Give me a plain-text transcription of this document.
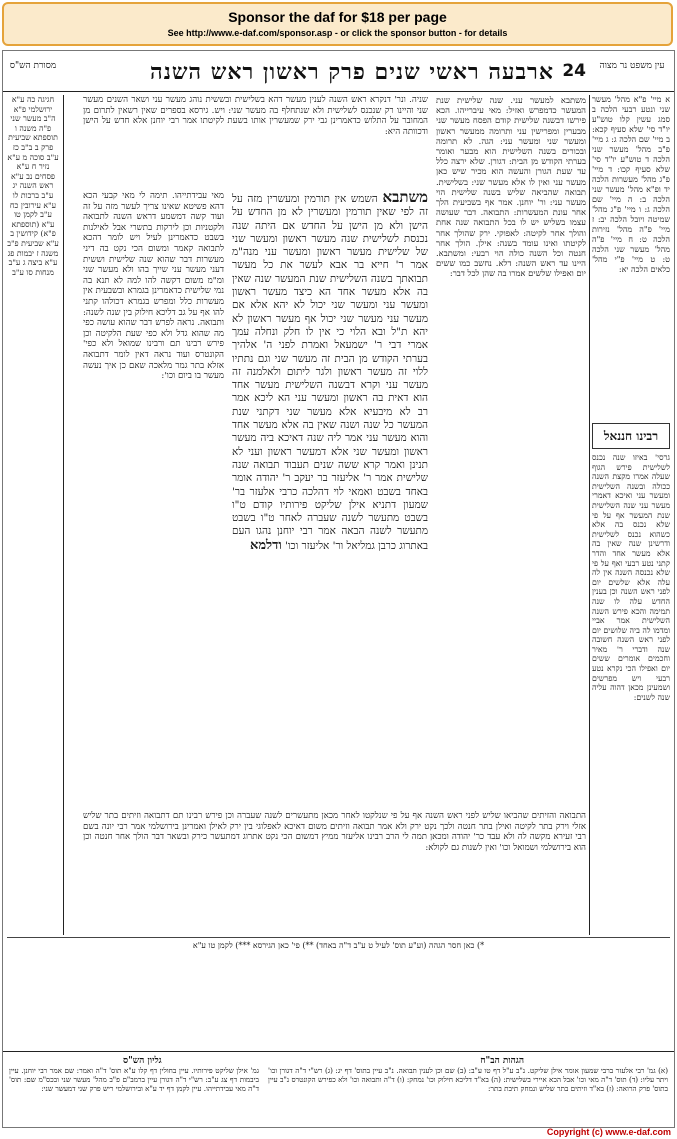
Sponsor the daf for $18 per page
See http://www.e-daf.com/sponsor.asp - or click the sponsor button - for details
עין משפט נר מצוה
24
ארבעה ראשי שנים פרק ראשון ראש השנה
מסורת הש"ס
א מיי' פ"א מהל' מעשר שני ונטע רבעי הלכה ב סמג עשין קלו טוש"ע יו"ד סי' שלא סעיף קכא: ב מיי' שם הלכה ג: ג מיי' פ"ב מהל' מעשר שני הלכה ד טוש"ע יו"ד סי' שלא סעיף קכו: ד מיי' פ"ג מהל' מעשרות הלכה יד ופ"א מהל' מעשר שני הלכה ב: ה מיי' שם הלכה ג: ו מיי' פ"ג מהל' שמיטה ויובל הלכה יב: ז מיי' פ"ה מהל' נזירות הלכה ט: ח מיי' פ"ה מהל' מעשר שני הלכה ט: ט מיי' פ"י מהל' כלאים הלכה יא:
רבינו חננאל
גרסי' באיזו שנה נכנס לשלישית פירש הגוף שעלה אמרו מקצת השנה ככולה ובשנה השלישית ומעשר עני ואיכא דאמרי מעשר עני שנה השלישית שנת המעשר אף על פי שלא נכנס בה אלא כשהוא נכנס לשלישית ודרשינן שנה שאין בה אלא מעשר אחד והדר קתני נטע רבעי ואף על פי שלא נכנסה השנה אין לה עלה אלא שלשים יום לפני ראש השנה וכן בענין החדש עלה לו שנה תמימה והכא פירש השנה השלישית אמר אביי ומדמו לה ביה שלושים יום לפני ראש השנה חשובה שנה ודברי ר' מאיר וחכמים אומרים ששים יום ואפילו הכי נקרא נטע רבעי ויש מפרשים ושמעינן מכאן דהוה עליה שנה לשנים:
משתבא למעשר עני. שנה שלישית שנת המעשר כדמפרש ואזיל: מאי עיברייהו. הכא פירשו דבשנה שלישית קודם הפסח מעשר שני מבערין ומפרישין עני ותרומה ממעשר ראשון ומעשר שני ומעשר עני: הגה. לא תרומה ובכורים בשנה השלישית הוא מבער ואומר בערתי הקודש מן הבית: דגורן. שלא ירצה כלל עד שעת הגורן והעשה הוא מכיר שיש כאן מעשר עני ואין לו אלא מעשר שני: בשלישית. תבואה שהביאה שליש בשנה שלישית הוי מעשר עני: ור' יוחנן. אמר אף בשביעית הלך אחר עונת המעשרות: התבואה. דבר שעושה עצמו בשליש יש לו בכל התבואה שנה אחת והולך אחר לקיטה: לאפוקי. ירק שהולך אחר לקיטתו ואינו עומד בשנה: אילן. הולך אחר חנטה וכל השנה כולה הוי רבעי: ומשתבא. היינו עד ראש השנה: דלא. נחשב כמו ששים יום ואפילו שלשים אמרו בה שהן לכל דבר:
שניה. ונר' דנקרא ראש השנה לענין מעשר דהא בשלישית ובששית נוהג מעשר עני ושאר השנים מעשר שני והיינו רק שנכנס לשלישית ולא שנתחלף בה מעשר שני: ויש. גירסא בספרים שאין רשאין לתרום מן המחובר על התלוש כדאמרינן גבי ירק שמעשרין אותו בשעת לקיטתו אמר רבי יוחנן אלא חדש על הישן ודכוותה היא:
משתבא השמש אין תורמין ומעשרין מזה על זה לפי שאין תורמין ומעשרין לא מן החדש על הישן ולא מן הישן על החדש אם היתה שנה נכנסת לשלישית שנה מעשר ראשון ומעשר שני של שלישית מעשר ראשון ומעשר עני מנה"מ אמר ר' חייא בר אבא לעשר את כל מעשר תבואתך בשנה השלישית שנת המעשר שנה שאין בה אלא מעשר אחד הא כיצד מעשר ראשון ומעשר עני ומעשר שני יכול לא יהא אלא אם מעשר עני מעשר שני יכול אף מעשר ראשון לא יהא ת"ל ובא הלוי כי אין לו חלק ונחלה עמך אמרי דבי ר' ישמעאל ואמרת לפני ה' אלהיך בערתי הקודש מן הבית זה מעשר שני וגם נתתיו ללוי זה מעשר ראשון ולגר ליתום ולאלמנה זה מעשר עני וקרא דבשנה השלישית מעשר אחד הוא דאית בה ראשון ומעשר עני הא ליכא אמר רב לא מיבעיא אלא מעשר שני דקתני שנת המעשר כל שנה ושנה שאין בה אלא מעשר אחד והוא מעשר עני אמר ליה שנה דאיכא ביה מעשר ראשון ומעשר שני אלא דמעשר ראשון ועני לא תנינן ואמר קרא ששה שנים תעבוד תבואה שנה שלישית אמר ר' אליעזר בר יעקב ר' יהודה אומר באחד בשבט ואמאי לוי דהלכה כרבי אלעזר בר' שמעון דתניא אילן שליקט פירותיו קודם ט"ו בשבט מתעשר לשנה שעברה לאחר ט"ו בשבט מתעשר לשנה הבאה אמר רבי יוחנן נהגו העם באתרוג כרבן גמליאל ור' אליעזר וכו' ודלמא
מאי עבידתייהו. תימה לי מאי קבעי הכא דהא פשיטא שאינו צריך לעשר מזה על זה ועוד קשה דמשמע דראש השנה לתבואה ולקטניות וכן לירקות בתשרי אבל לאילנות בשבט כדאמרינן לעיל ויש לומר דהכא לתבואה קאמר ומשום הכי נקט בה דיני מעשרות דבר שהוא שנה שלישית וששית דעני מעשר עני שייך בהו ולא מעשר שני ומ"מ משום דקשה להו למה לא תנא בה נמי שלישית כדאמרינן בגמרא ובשבעית אין מעשרות כלל ומפרש בגמרא דכולהו קתני להו אף על גב דליכא חילוק בין שנה לשנה: ותבואה. נראה לפרש דבר שהוא עושה כפי מה שהוא גדל ולא כפי שעת הלקיטה וכן פירש רבינו תם ורבינו שמואל ולא כפי' הקונטרס ועוד נראה דאין לומר דתבואה אזלא בתר גמר מלאכה שאם כן איך נעשה מעשר בו ביום וכו':
התבואה והזיתים שהביאו שליש לפני ראש השנה אף על פי שנלקטו לאחר מכאן מתעשרים לשנה שעברה וכן פירש רבינו תם דתבואה וזיתים בתר שליש אזלי וירק בתר לקיטה ואילן בתר חנטה ולכך נקט ירק ולא אמר תבואה וזיתים משום דאיכא לאפלוגי בין ירק לאילן ואמרינן בירושלמי אמר רבי יונה בשם רבי זעירא מקשה לה ולא עבד כר' יהודה ומכאן תמה לי הרב רבינו אליעזר ממיץ דמשום הכי נקט אתרוג דמתעשר כירק ובשאר דבר הולך אחר חנטה וכן הוא בירושלמי ושמואל וכו' ואין לשנות גם לקולא:
חגיגה כה ע"א ירושלמי פ"א ה"ב מעשר שני פ"ה משנה ו תוספתא שביעית פרק ב ב"ב כז ע"ב סוכה מ ע"א נזיר ח ע"א פסחים נב ע"א ראש השנה יג ע"ב ברכות לו ע"א עירובין כח ע"ב לקמן טו ע"א (תוספתא פ"א) קידושין ב ע"א שביעית פ"ב משנה ז יבמות פג ע"א ביצה ג ע"ב מנחות סו ע"ב
*) כאן חסר הגהה (וע"ע תוס' לעיל ט ע"ב ד"ה באחד) **) פי' כאן הגירסא ***) לקמן טו ע"א
הגהות הב"ח
(א) גמ' רבי אלעזר ברבי שמעון אומר אילן שליקט. נ"ב ע"ל דף טו ע"ב: (ב) שם וכן לענין תבואה. נ"ב עיין בתוס' דף יג: (ג) רש"י ד"ה דגורן וכו' ויתר עליו: (ד) תוס' ד"ה מאי וכו' אבל הכא איירי בשלישית: (ה) בא"ד דליכא חילוק וכו' נמחק: (ו) ד"ה ותבואה וכו' ולא כפירש הקונטרס נ"ב עיין בתוס' פרק הרואה: (ז) בא"ד וזיתים בתר שליש ונמחק תיבת בתר:
גליון הש"ס
גמ' אילן שליקט פירותיו. עיין בחולין דף קלו ע"א תוס' ד"ה ואמר: שם אמר רבי יוחנן. עיין ביבמות דף צג ע"ב: רש"י ד"ה דגורן עיין ברמב"ם פ"ב מהל' מעשר שני ובכס"מ שם: תוס' ד"ה מאי עבידתייהו. עיין לקמן דף יד ע"א ובירושלמי ריש פרק שני דמעשר שני:
Copyright (c) www.e-daf.com
